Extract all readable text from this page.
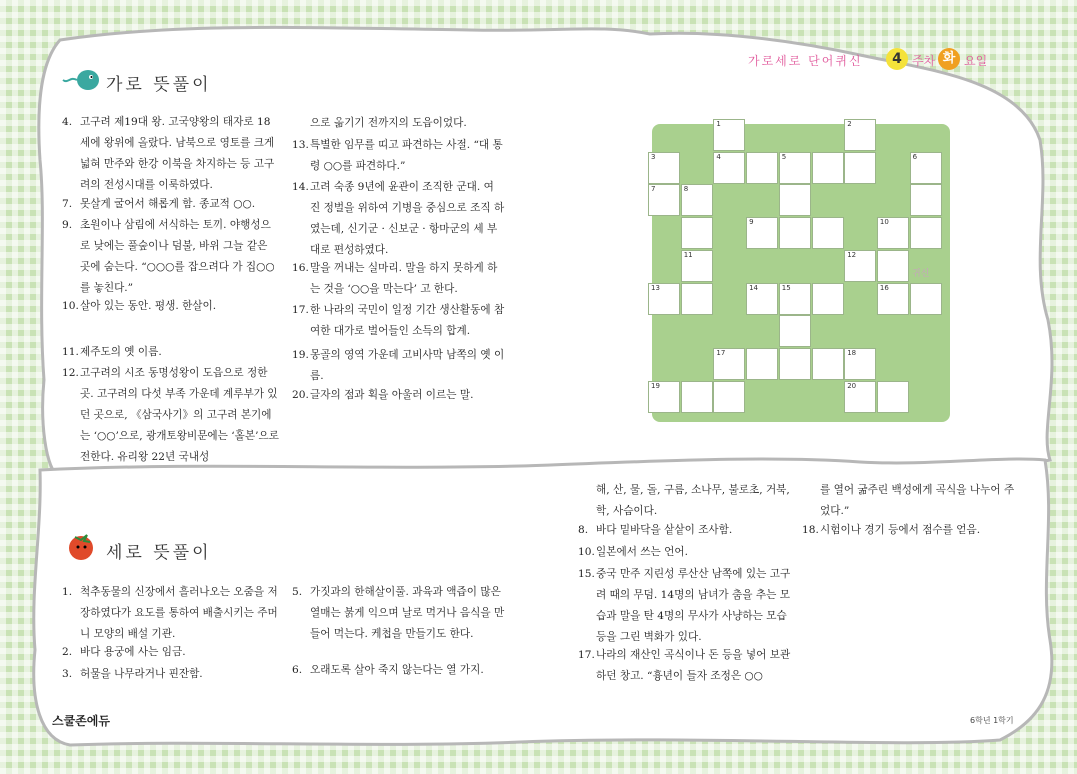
가로세로 단어퀴신	4 주차 화 요일
가로 뜻풀이
4. 고구려 제19대 왕. 고국양왕의 태자로 18세에 왕위에 올랐다. 남북으로 영토를 크게 넓혀 만주와 한강 이북을 차지하는 등 고구려의 전성시대를 이룩하였다.
7. 못살게 굴어서 해롭게 함. 종교적 ○○.
9. 초원이나 삼림에 서식하는 토끼. 야행성으로 낮에는 풀숲이나 덤불, 바위 그늘 같은 곳에 숨는다. “○○○를 잡으려다 가 집○○를 놓친다.”
10. 살아 있는 동안. 평생. 한살이.
11. 제주도의 옛 이름.
12. 고구려의 시조 동명성왕이 도읍으로 정한 곳. 고구려의 다섯 부족 가운데 계루부가 있던 곳으로, 《삼국사기》의 고구려 본기에는 ‘○○’으로, 광개토왕비문에는 ‘홀본’으로 전한다. 유리왕 22년 국내성
으로 옮기기 전까지의 도읍이었다.
13. 특별한 임무를 띠고 파견하는 사절. “대 통령 ○○를 파견하다.”
14. 고려 숙종 9년에 윤관이 조직한 군대. 여 진 정벌을 위하여 기병을 중심으로 조직 하였는데, 신기군 · 신보군 · 항마군의 세 부대로 편성하였다.
16. 말을 꺼내는 실마리. 말을 하지 못하게 하는 것을 ‘○○을 막는다’ 고 한다.
17. 한 나라의 국민이 일정 기간 생산활동에 참여한 대가로 벌어들인 소득의 합계.
19. 몽골의 영역 가운데 고비사막 남쪽의 옛 이름.
20. 글자의 점과 획을 아울러 이르는 말.
세로 뜻풀이
1. 척추동물의 신장에서 흘러나오는 오줌을 저장하였다가 요도를 통하여 배출시키는 주머니 모양의 배설 기관.
2. 바다 용궁에 사는 임금.
3. 허물을 나무라거나 핀잔함.
5. 가짓과의 한해살이풀. 과육과 액즙이 많은 열매는 붉게 익으며 날로 먹거나 음식을 만들어 먹는다. 케첩을 만들기도 한다.
6. 오래도록 살아 죽지 않는다는 열 가지.
해, 산, 물, 돌, 구름, 소나무, 불로초, 거북, 학, 사슴이다.
8. 바다 밑바닥을 샅샅이 조사함.
10. 일본에서 쓰는 언어.
15. 중국 만주 지린성 루산산 남쪽에 있는 고구려 때의 무덤. 14명의 남녀가 춤을 추는 모습과 말을 탄 4명의 무사가 사냥하는 모습 등을 그린 벽화가 있다.
17. 나라의 재산인 곡식이나 돈 등을 넣어 보관하던 창고. “흉년이 들자 조정은 ○○
를 열어 굶주린 백성에게 곡식을 나누어 주었다.”
18. 시험이나 경기 등에서 점수를 얻음.
1	2
3	4	5	6
7	8
9	10
11	12
13	14	15	16
17	18
19	20
귀신
스쿨존에듀	6학년 1학기
